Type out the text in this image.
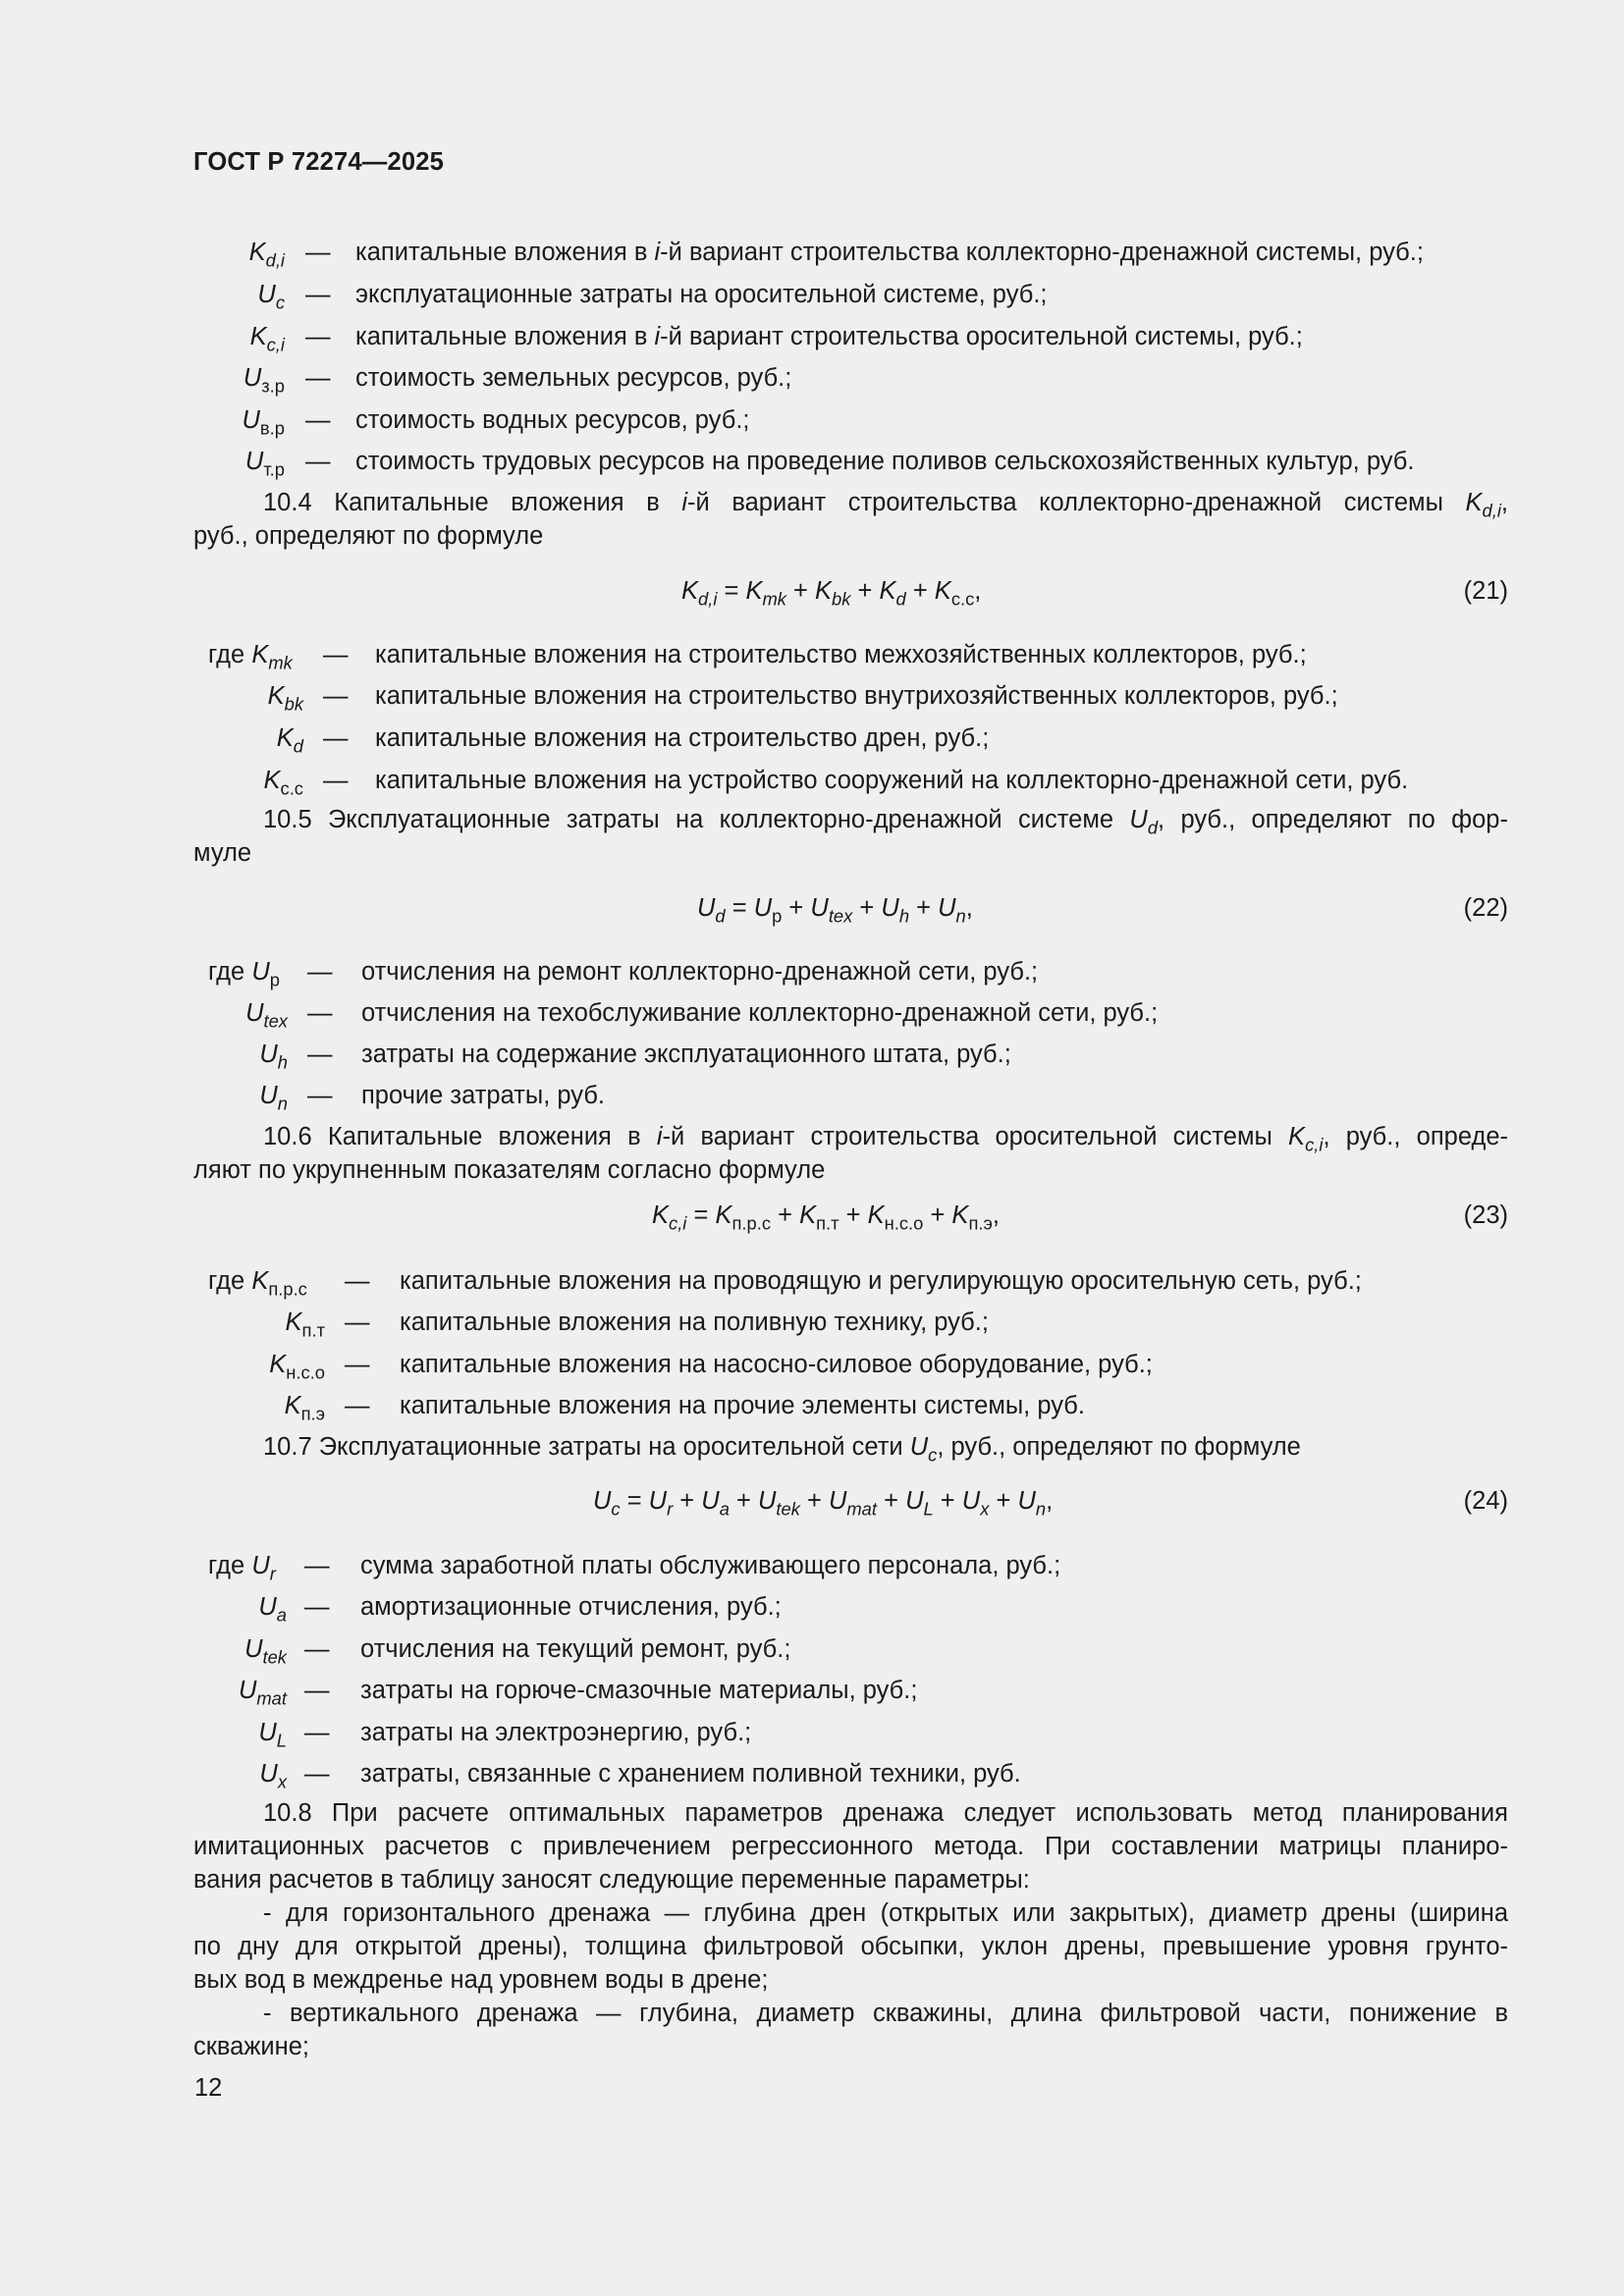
ГОСТ Р 72274—2025
$K_{d,i}$ — капитальные вложения в i-й вариант строительства коллекторно-дренажной системы, руб.;
$U_c$ — эксплуатационные затраты на оросительной системе, руб.;
$K_{c,i}$ — капитальные вложения в i-й вариант строительства оросительной системы, руб.;
$U_{з.р}$ — стоимость земельных ресурсов, руб.;
$U_{в.р}$ — стоимость водных ресурсов, руб.;
$U_{т.р}$ — стоимость трудовых ресурсов на проведение поливов сельскохозяйственных культур, руб.
10.4 Капитальные вложения в i-й вариант строительства коллекторно-дренажной системы $K_{d,i}$,
руб., определяют по формуле
$K_{d,i} = K_{mk} + K_{bk} + K_d + K_{с.с}$,	(21)
где $K_{mk}$ — капитальные вложения на строительство межхозяйственных коллекторов, руб.;
$K_{bk}$ — капитальные вложения на строительство внутрихозяйственных коллекторов, руб.;
$K_d$ — капитальные вложения на строительство дрен, руб.;
$K_{с.с}$ — капитальные вложения на устройство сооружений на коллекторно-дренажной сети, руб.
10.5 Эксплуатационные затраты на коллекторно-дренажной системе $U_d$, руб., определяют по фор-
муле
$U_d = U_р + U_{tex} + U_h + U_n$,	(22)
где $U_р$ — отчисления на ремонт коллекторно-дренажной сети, руб.;
$U_{tex}$ — отчисления на техобслуживание коллекторно-дренажной сети, руб.;
$U_h$ — затраты на содержание эксплуатационного штата, руб.;
$U_n$ — прочие затраты, руб.
10.6 Капитальные вложения в i-й вариант строительства оросительной системы $K_{c,i}$, руб., опреде-
ляют по укрупненным показателям согласно формуле
$K_{c,i} = K_{п.р.с} + K_{п.т} + K_{н.с.о} + K_{п.э}$,	(23)
где $K_{п.р.с}$ — капитальные вложения на проводящую и регулирующую оросительную сеть, руб.;
$K_{п.т}$ — капитальные вложения на поливную технику, руб.;
$K_{н.с.о}$ — капитальные вложения на насосно-силовое оборудование, руб.;
$K_{п.э}$ — капитальные вложения на прочие элементы системы, руб.
10.7 Эксплуатационные затраты на оросительной сети $U_c$, руб., определяют по формуле
$U_c = U_r + U_a + U_{tek} + U_{mat} + U_L + U_x + U_n$,	(24)
где $U_r$ — сумма заработной платы обслуживающего персонала, руб.;
$U_a$ — амортизационные отчисления, руб.;
$U_{tek}$ — отчисления на текущий ремонт, руб.;
$U_{mat}$ — затраты на горюче-смазочные материалы, руб.;
$U_L$ — затраты на электроэнергию, руб.;
$U_x$ — затраты, связанные с хранением поливной техники, руб.
10.8 При расчете оптимальных параметров дренажа следует использовать метод планирования
имитационных расчетов с привлечением регрессионного метода. При составлении матрицы планиро-
вания расчетов в таблицу заносят следующие переменные параметры:
- для горизонтального дренажа — глубина дрен (открытых или закрытых), диаметр дрены (ширина
по дну для открытой дрены), толщина фильтровой обсыпки, уклон дрены, превышение уровня грунто-
вых вод в междренье над уровнем воды в дрене;
- вертикального дренажа — глубина, диаметр скважины, длина фильтровой части, понижение в
скважине;
12
